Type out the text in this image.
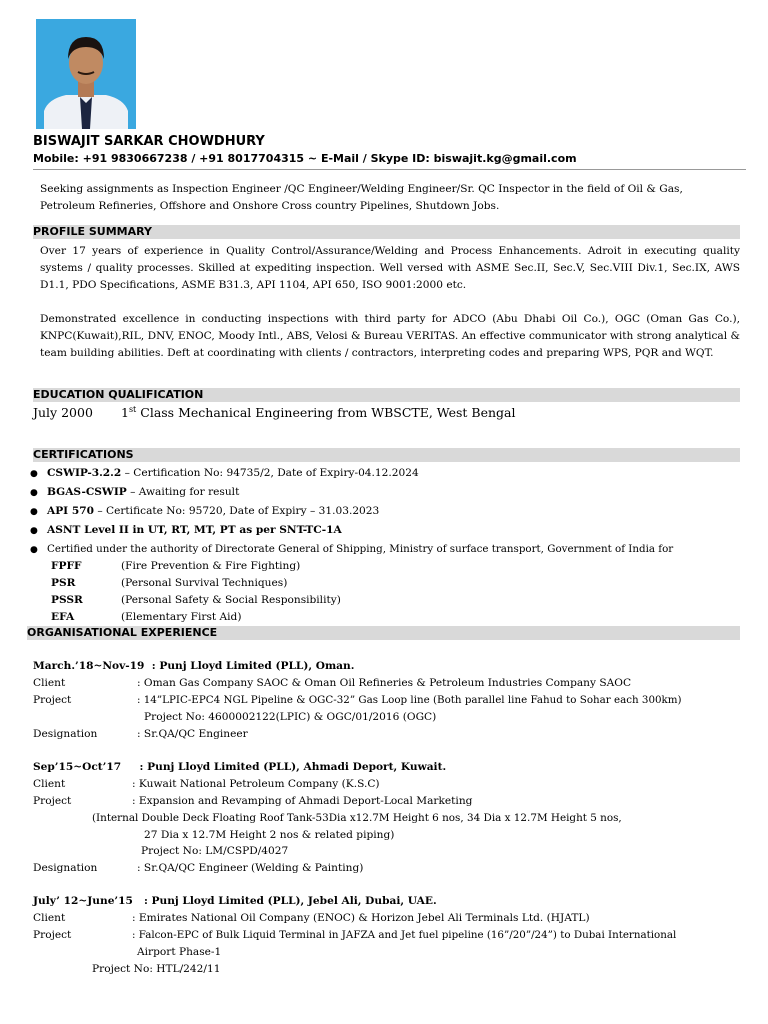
BISWAJIT SARKAR CHOWDHURY
Mobile: +91 9830667238 / +91 8017704315 ~ E-Mail / Skype ID: biswajit.kg@gmail.com
Seeking assignments as Inspection Engineer /QC Engineer/Welding Engineer/Sr. QC Inspector in the field of Oil & Gas, Petroleum Refineries, Offshore and Onshore Cross country Pipelines, Shutdown Jobs.
PROFILE SUMMARY
Over 17 years of experience in Quality Control/Assurance/Welding and Process Enhancements. Adroit in executing quality systems / quality processes. Skilled at expediting inspection. Well versed with ASME Sec.II, Sec.V, Sec.VIII Div.1, Sec.IX, AWS D1.1, PDO Specifications, ASME B31.3, API 1104, API 650, ISO 9001:2000 etc.
Demonstrated excellence in conducting inspections with third party for ADCO (Abu Dhabi Oil Co.), OGC (Oman Gas Co.), KNPC(Kuwait),RIL, DNV, ENOC, Moody Intl., ABS, Velosi & Bureau VERITAS. An effective communicator with strong analytical & team building abilities. Deft at coordinating with clients / contractors, interpreting codes and preparing WPS, PQR and WQT.
EDUCATION QUALIFICATION
July 2000 1st Class Mechanical Engineering from WBSCTE, West Bengal
CERTIFICATIONS
● CSWIP-3.2.2 – Certification No: 94735/2, Date of Expiry-04.12.2024
● BGAS-CSWIP – Awaiting for result
● API 570 – Certificate No: 95720, Date of Expiry – 31.03.2023
● ASNT Level II in UT, RT, MT, PT as per SNT-TC-1A
● Certified under the authority of Directorate General of Shipping, Ministry of surface transport, Government of India for
FPFF	(Fire Prevention & Fire Fighting)
PSR	(Personal Survival Techniques)
PSSR	(Personal Safety & Social Responsibility)
EFA	(Elementary First Aid)
ORGANISATIONAL EXPERIENCE
March.’18~Nov-19  : Punj Lloyd Limited (PLL), Oman.
Client	: Oman Gas Company SAOC & Oman Oil Refineries & Petroleum Industries Company SAOC
Project	: 14”LPIC-EPC4 NGL Pipeline & OGC-32” Gas Loop line (Both parallel line Fahud to Sohar each 300km)
Project No: 4600002122(LPIC) & OGC/01/2016 (OGC)
Designation	: Sr.QA/QC Engineer
Sep’15~Oct’17     : Punj Lloyd Limited (PLL), Ahmadi Deport, Kuwait.
Client	: Kuwait National Petroleum Company (K.S.C)
Project	: Expansion and Revamping of Ahmadi Deport-Local Marketing
(Internal Double Deck Floating Roof Tank-53Dia x12.7M Height 6 nos, 34 Dia x 12.7M Height 5 nos,
27 Dia x 12.7M Height 2 nos & related piping)
Project No: LM/CSPD/4027
Designation	: Sr.QA/QC Engineer (Welding & Painting)
July’ 12~June’15   : Punj Lloyd Limited (PLL), Jebel Ali, Dubai, UAE.
Client	: Emirates National Oil Company (ENOC) & Horizon Jebel Ali Terminals Ltd. (HJATL)
Project	: Falcon-EPC of Bulk Liquid Terminal in JAFZA and Jet fuel pipeline (16”/20”/24”) to Dubai International
Airport Phase-1
Project No: HTL/242/11
